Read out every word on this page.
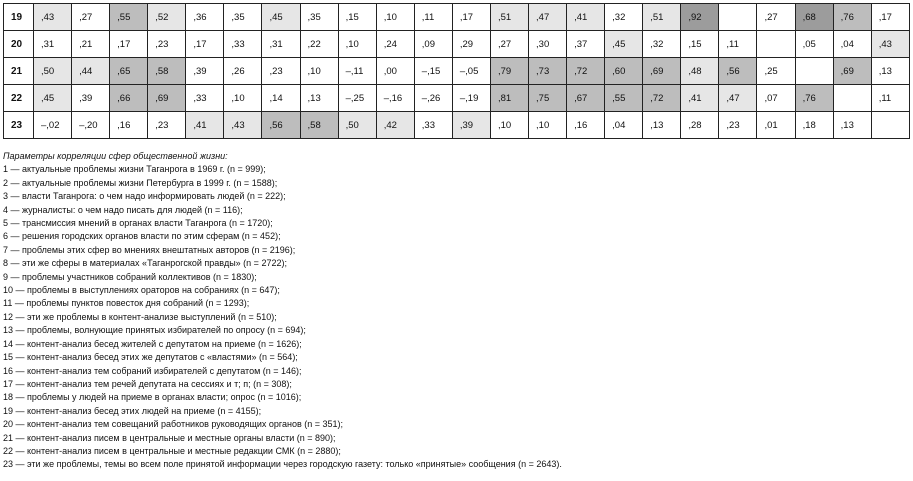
19	,43	,27	,55	,52	,36	,35	,45	,35	,15	,10	,11	,17	,51	,47	,41	,32	,51	,92		,27	,68	,76	,17
20	,31	,21	,17	,23	,17	,33	,31	,22	,10	,24	,09	,29	,27	,30	,37	,45	,32	,15	,11		,05	,04	,43
21	,50	,44	,65	,58	,39	,26	,23	,10	–,11	,00	–,15	–,05	,79	,73	,72	,60	,69	,48	,56	,25		,69	,13
22	,45	,39	,66	,69	,33	,10	,14	,13	–,25	–,16	–,26	–,19	,81	,75	,67	,55	,72	,41	,47	,07	,76		,11
23	–,02	–,20	,16	,23	,41	,43	,56	,58	,50	,42	,33	,39	,10	,10	,16	,04	,13	,28	,23	,01	,18	,13	
Параметры корреляции сфер общественной жизни:
1 — актуальные проблемы жизни Таганрога в 1969 г. (n = 999);
2 — актуальные проблемы жизни Петербурга в 1999 г. (n = 1588);
3 — власти Таганрога: о чем надо информировать людей (n = 222);
4 — журналисты: о чем надо писать для людей (n = 116);
5 — трансмиссия мнений в органах власти Таганрога (n = 1720);
6 — решения городских органов власти по этим сферам (n = 452);
7 — проблемы этих сфер во мнениях внештатных авторов (n = 2196);
8 — эти же сферы в материалах «Таганрогской правды» (n = 2722);
9 — проблемы участников собраний коллективов (n = 1830);
10 — проблемы в выступлениях ораторов на собраниях (n = 647);
11 — проблемы пунктов повесток дня собраний (n = 1293);
12 — эти же проблемы в контент-анализе выступлений (n = 510);
13 — проблемы, волнующие принятых избирателей по опросу (n = 694);
14 — контент-анализ бесед жителей с депутатом на приеме (n = 1626);
15 — контент-анализ бесед этих же депутатов с «властями» (n = 564);
16 — контент-анализ тем собраний избирателей с депутатом (n = 146);
17 — контент-анализ тем речей депутата на сессиях и т; п; (n = 308);
18 — проблемы у людей на приеме в органах власти; опрос (n = 1016);
19 — контент-анализ бесед этих людей на приеме (n = 4155);
20 — контент-анализ тем совещаний работников руководящих органов (n = 351);
21 — контент-анализ писем в центральные и местные органы власти (n = 890);
22 — контент-анализ писем в центральные и местные редакции СМК (n = 2880);
23 — эти же проблемы, темы во всем поле принятой информации через городскую газету: только «принятые» сообщения (n = 2643).
